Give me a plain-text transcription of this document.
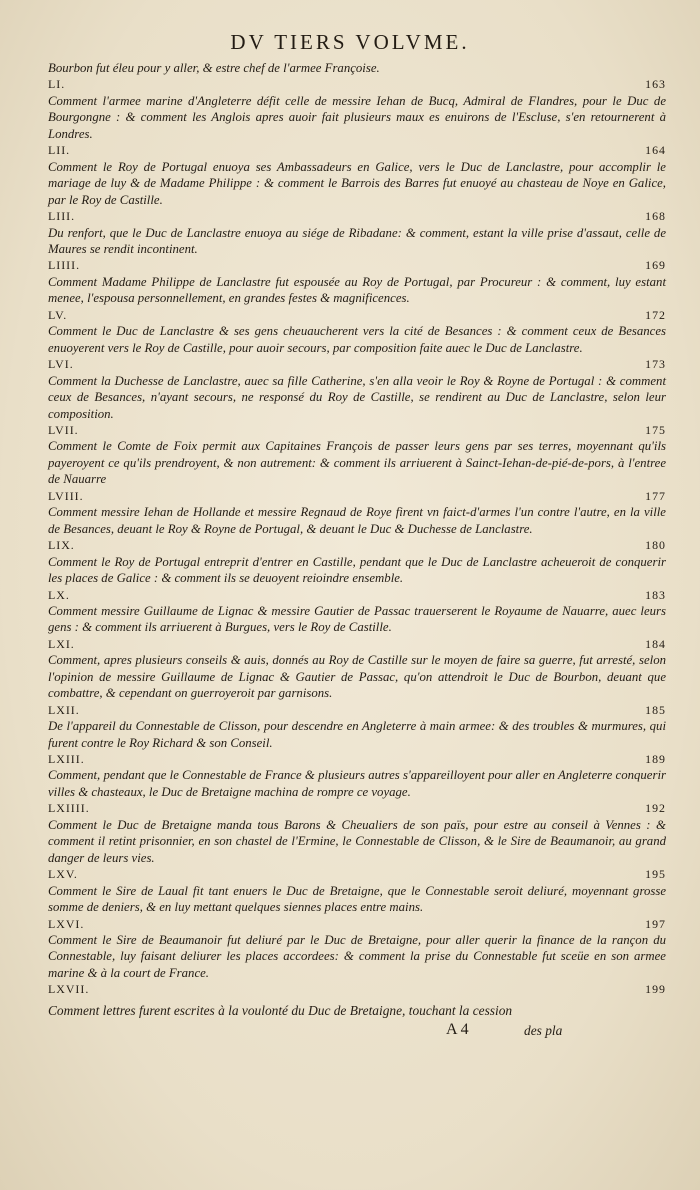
DV TIERS VOLVME.
Bourbon fut éleu pour y aller, & estre chef de l'armee Françoise.
LI.	163
Comment l'armee marine d'Angleterre défit celle de messire Iehan de Bucq, Admiral de Flandres, pour le Duc de Bourgongne : & comment les Anglois apres auoir fait plusieurs maux es enuirons de l'Escluse, s'en retournerent à Londres.
LII.	164
Comment le Roy de Portugal enuoya ses Ambassadeurs en Galice, vers le Duc de Lanclastre, pour accomplir le mariage de luy & de Madame Philippe : & comment le Barrois des Barres fut enuoyé au chasteau de Noye en Galice, par le Roy de Castille.
LIII.	168
Du renfort, que le Duc de Lanclastre enuoya au siége de Ribadane: & comment, estant la ville prise d'assaut, celle de Maures se rendit incontinent.
LIIII.	169
Comment Madame Philippe de Lanclastre fut espousée au Roy de Portugal, par Procureur : & comment, luy estant menee, l'espousa personnellement, en grandes festes & magnificences.
LV.	172
Comment le Duc de Lanclastre & ses gens cheuaucherent vers la cité de Besances : & comment ceux de Besances enuoyerent vers le Roy de Castille, pour auoir secours, par composition faite auec le Duc de Lanclastre.
LVI.	173
Comment la Duchesse de Lanclastre, auec sa fille Catherine, s'en alla veoir le Roy & Royne de Portugal : & comment ceux de Besances, n'ayant secours, ne responsé du Roy de Castille, se rendirent au Duc de Lanclastre, selon leur composition.
LVII.	175
Comment le Comte de Foix permit aux Capitaines François de passer leurs gens par ses terres, moyennant qu'ils payeroyent ce qu'ils prendroyent, & non autrement: & comment ils arriuerent à Sainct-Iehan-de-pié-de-pors, à l'entree de Nauarre
LVIII.	177
Comment messire Iehan de Hollande et messire Regnaud de Roye firent vn faict-d'armes l'un contre l'autre, en la ville de Besances, deuant le Roy & Royne de Portugal, & deuant le Duc & Duchesse de Lanclastre.
LIX.	180
Comment le Roy de Portugal entreprit d'entrer en Castille, pendant que le Duc de Lanclastre acheueroit de conquerir les places de Galice : & comment ils se deuoyent reioindre ensemble.
LX.	183
Comment messire Guillaume de Lignac & messire Gautier de Passac trauerserent le Royaume de Nauarre, auec leurs gens : & comment ils arriuerent à Burgues, vers le Roy de Castille.
LXI.	184
Comment, apres plusieurs conseils & auis, donnés au Roy de Castille sur le moyen de faire sa guerre, fut arresté, selon l'opinion de messire Guillaume de Lignac & Gautier de Passac, qu'on attendroit le Duc de Bourbon, deuant que combattre, & cependant on guerroyeroit par garnisons.
LXII.	185
De l'appareil du Connestable de Clisson, pour descendre en Angleterre à main armee: & des troubles & murmures, qui furent contre le Roy Richard & son Conseil.
LXIII.	189
Comment, pendant que le Connestable de France & plusieurs autres s'appareilloyent pour aller en Angleterre conquerir villes & chasteaux, le Duc de Bretaigne machina de rompre ce voyage.
LXIIII.	192
Comment le Duc de Bretaigne manda tous Barons & Cheualiers de son païs, pour estre au conseil à Vennes : & comment il retint prisonnier, en son chastel de l'Ermine, le Connestable de Clisson, & le Sire de Beaumanoir, au grand danger de leurs vies.
LXV.	195
Comment le Sire de Laual fit tant enuers le Duc de Bretaigne, que le Connestable seroit deliuré, moyennant grosse somme de deniers, & en luy mettant quelques siennes places entre mains.
LXVI.	197
Comment le Sire de Beaumanoir fut deliuré par le Duc de Bretaigne, pour aller querir la finance de la rançon du Connestable, luy faisant deliurer les places accordees: & comment la prise du Connestable fut sceüe en son armee marine & à la court de France.
LXVII.	199
Comment lettres furent escrites à la voulonté du Duc de Bretaigne, touchant la cession
A 4	des pla
